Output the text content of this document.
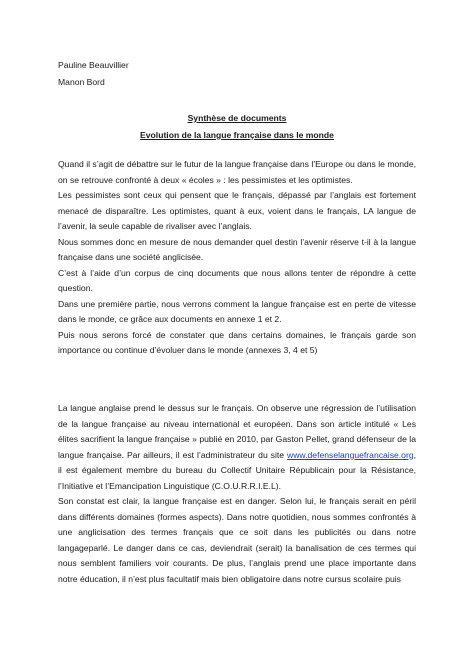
Pauline Beauvillier
Manon Bord
Synthèse de documents
Evolution de la langue française dans le monde

Quand il s’agit de débattre sur le futur de la langue française dans l’Europe ou dans le monde, on se retrouve confronté à deux « écoles » : les pessimistes et les optimistes.

Les pessimistes sont ceux qui pensent que le français, dépassé par l’anglais est fortement menacé de disparaître. Les optimistes, quant à eux, voient dans le français, LA langue de l’avenir, la seule capable de rivaliser avec l’anglais.

Nous sommes donc en mesure de nous demander quel destin l’avenir réserve t-il à la langue française dans une société anglicisée.

C’est à l’aide d’un corpus de cinq documents que nous allons tenter de répondre à cette question.

Dans une première partie, nous verrons comment la langue française est en perte de vitesse dans le monde, ce grâce aux documents en annexe 1 et 2.

Puis nous serons forcé de constater que dans certains domaines, le français garde son importance ou continue d’évoluer dans le monde (annexes 3, 4 et 5)

La langue anglaise prend le dessus sur le français. On observe une régression de l’utilisation de la langue française au niveau international et européen. Dans son article intitulé « Les élites sacrifient la langue française » publié en 2010, par Gaston Pellet, grand défenseur de la langue française. Par ailleurs, il est l’administrateur du site www.defenselanguefrancaise.org, il est également membre du bureau du Collectif Unitaire Républicain pour la Résistance, l’Initiative et l’Emancipation Linguistique (C.O.U.R.R.I.E.L).

Son constat est clair, la langue française est en danger. Selon lui, le français serait en péril dans différents domaines (formes aspects). Dans notre quotidien, nous sommes confrontés à une anglicisation des termes français que ce soit dans les publicités ou dans notre langageparlé. Le danger dans ce cas, deviendrait (serait) la banalisation de ces termes qui nous semblent familiers voir courants. De plus, l’anglais prend une place importante dans notre éducation, il n’est plus facultatif mais bien obligatoire dans notre cursus scolaire puis
